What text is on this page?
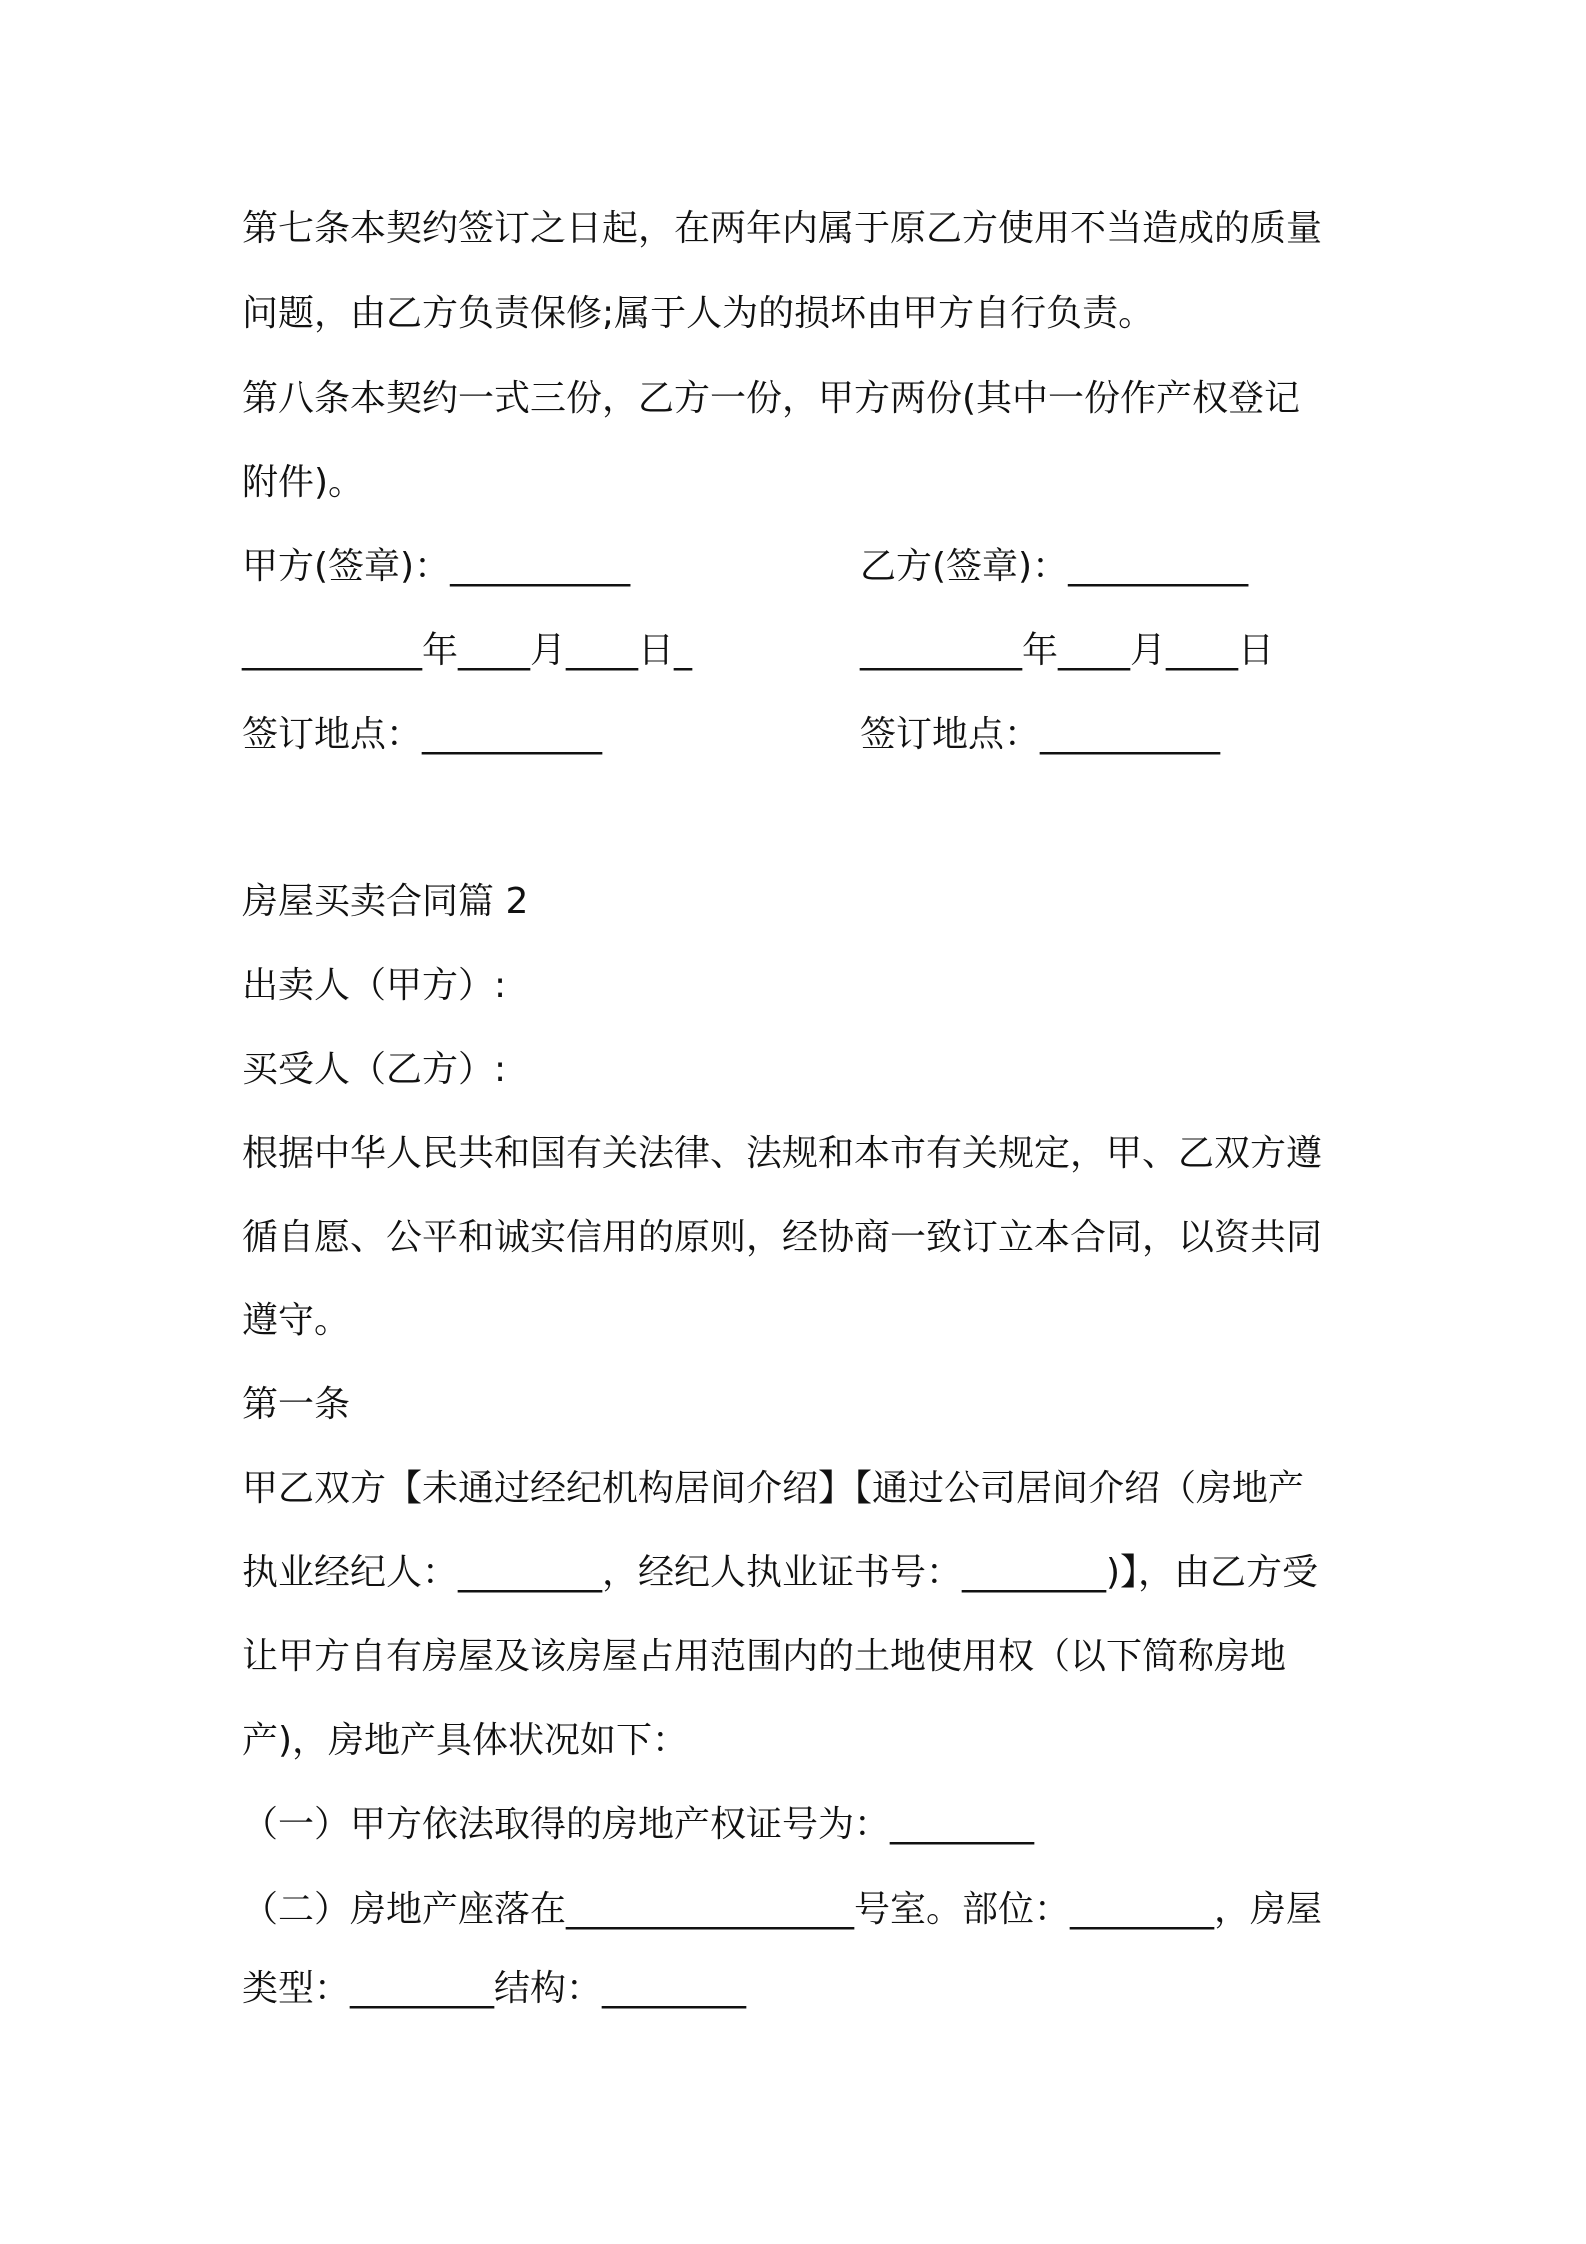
第七条本契约签订之日起，在两年内属于原乙方使用不当造成的质量
问题，由乙方负责保修;属于人为的损坏由甲方自行负责。
第八条本契约一式三份，乙方一份，甲方两份(其中一份作产权登记
附件)。
甲方(签章)：__________	乙方(签章)：__________
__________年____月____日_	_________年____月____日
签订地点：__________	签订地点：__________
房屋买卖合同篇 2
出卖人（甲方）:
买受人（乙方）:
根据中华人民共和国有关法律、法规和本市有关规定，甲、乙双方遵
循自愿、公平和诚实信用的原则，经协商一致订立本合同，以资共同
遵守。
第一条
甲乙双方【未通过经纪机构居间介绍】【通过公司居间介绍（房地产
执业经纪人：________，经纪人执业证书号：________)】，由乙方受
让甲方自有房屋及该房屋占用范围内的土地使用权（以下简称房地
产)，房地产具体状况如下：
（一）甲方依法取得的房地产权证号为：________
（二）房地产座落在________________号室。部位：________，房屋
类型：________结构：________
